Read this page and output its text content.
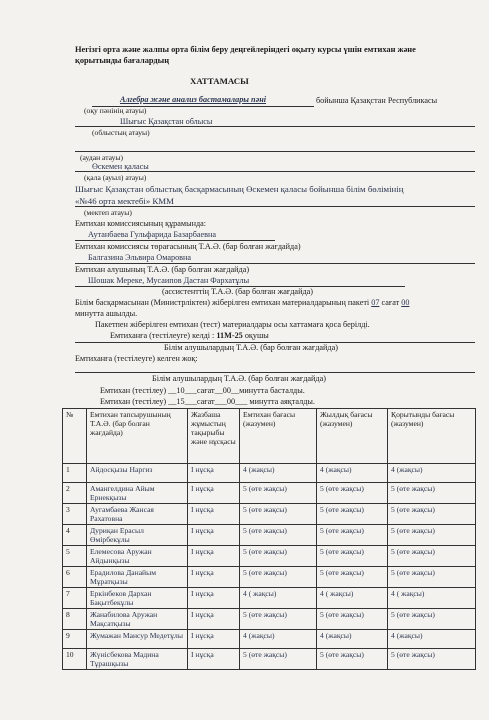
Негізгі орта және жалпы орта білім беру деңгейлеріндегі оқыту курсы үшін емтихан және
қорытынды бағалардың
ХАТТАМАСЫ
Алгебра және анализ бастамалары пәні	бойынша Қазақстан Республикасы
(оқу пәнінің атауы)
Шығыс Қазақстан облысы
(облыстың атауы)
(аудан атауы)
Өскемен қаласы
(қала (ауыл) атауы)
Шығыс Қазақстан облыстық басқармасының Өскемен қаласы бойынша білім бөлімінің
«№46 орта мектебі» КММ
(мектеп атауы)
Емтихан комиссиясының құрамында:
Аутанбаева Гульфарида Базарбаевна
Емтихан комиссиясы төрағасының Т.А.Ә. (бар болған жағдайда)
Балгазина Эльвира Омаровна
Емтихан алушының Т.А.Ә. (бар болған жағдайда)
Шошак Мереке, Мусаипов Дастан Фархатұлы
(ассистенттің Т.А.Ә. (бар болған жағдайда)
Білім басқармасынан (Министрліктен) жіберілген емтихан материалдарының пакеті 07 сағат 00
минутта ашылды.
Пакетпен жіберілген емтихан (тест) материалдары осы хаттамаға қоса берілді.
Емтиханға (тестілеуге) келді : 11М-25 оқушы
Білім алушылардың Т.А.Ә. (бар болған жағдайда)
Емтиханға (тестілеуге) келген жоқ:
Білім алушылардың Т.А.Ә. (бар болған жағдайда)
Емтихан (тестілеу) __10___сағат__00__минутта басталды.
Емтихан (тестілеу) __15___сағат___00___ минутта аяқталды.
№	Емтихан тапсырушының Т.А.Ә. (бар болған жағдайда)	Жазбаша жұмыстың тақырыбы және нұсқасы	Емтихан бағасы (жазумен)	Жылдық бағасы (жазумен)	Қорытынды бағасы (жазумен)
1	Айдосқызы Наргиз	I нұсқа	4 (жақсы)	4 (жақсы)	4 (жақсы)
2	Амангелдина Айым Ернекқызы	I нұсқа	5 (өте жақсы)	5 (өте жақсы)	5 (өте жақсы)
3	Аугамбаева Жансая Рахатовна	I нұсқа	5 (өте жақсы)	5 (өте жақсы)	5 (өте жақсы)
4	Дуриқан Ерасыл Өмірбекұлы	I нұсқа	5 (өте жақсы)	5 (өте жақсы)	5 (өте жақсы)
5	Елемесова Аружан Айдынқызы	I нұсқа	5 (өте жақсы)	5 (өте жақсы)	5 (өте жақсы)
6	Ерадилова Данайым Мұратқызы	I нұсқа	5 (өте жақсы)	5 (өте жақсы)	5 (өте жақсы)
7	Еркінбеков Дархан Бақытбекұлы	I нұсқа	4 ( жақсы)	4 ( жақсы)	4 ( жақсы)
8	Жанабилова Аружан Мақсатқызы	I нұсқа	5 (өте жақсы)	5 (өте жақсы)	5 (өте жақсы)
9	Жумажан Мансур Медетұлы	I нұсқа	4 (жақсы)	4 (жақсы)	4 (жақсы)
10	Жүнісбекова Мадина Тұрашқызы	I нұсқа	5 (өте жақсы)	5 (өте жақсы)	5 (өте жақсы)
